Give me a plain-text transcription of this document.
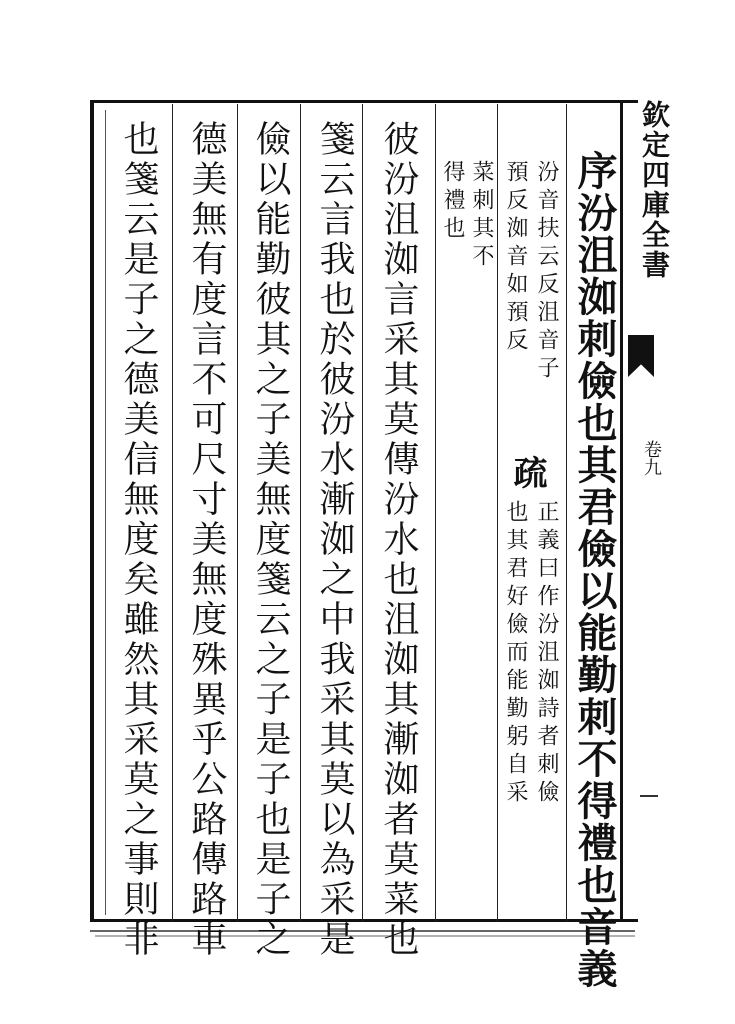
欽定四庫全書
卷九
序汾沮洳刺儉也其君儉以能勤刺不得禮也音義
汾音扶云反沮音子
預反洳音如預反
疏
正義曰作汾沮洳詩者刺儉
也其君好儉而能勤躬自采
菜刺其不
得禮也
彼汾沮洳言采其莫傳汾水也沮洳其漸洳者莫菜也
箋云言我也於彼汾水漸洳之中我采其莫以為采是
儉以能勤彼其之子美無度箋云之子是子也是子之
德美無有度言不可尺寸美無度殊異乎公路傳路車
也箋云是子之德美信無度矣雖然其采莫之事則非
